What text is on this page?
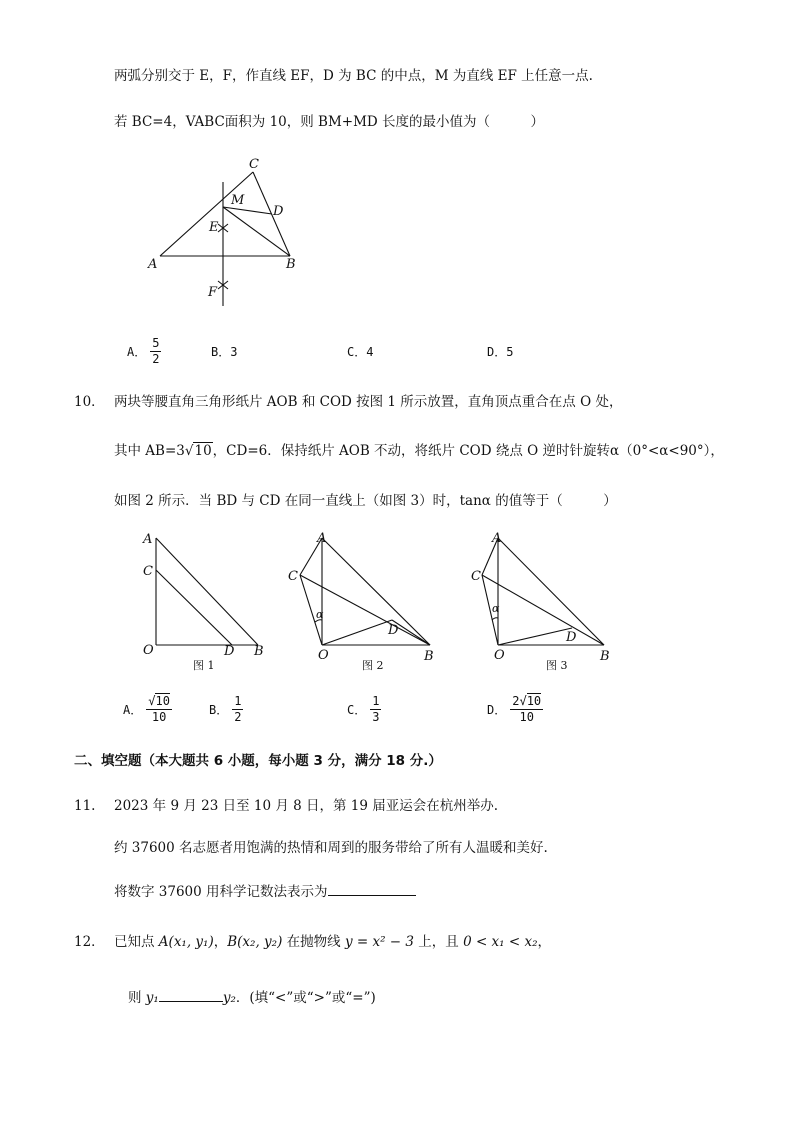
两弧分别交于 E，F，作直线 EF，D 为 BC 的中点，M 为直线 EF 上任意一点.
若 BC=4，VABC面积为 10，则 BM+MD 长度的最小值为（　　　）
A	B
C
D
E
F
M
A． $\frac{5}{2}$	B．3	C．4	D．5
10． 两块等腰直角三角形纸片 AOB 和 COD 按图 1 所示放置，直角顶点重合在点 O 处，
其中 AB=3√10，CD=6．保持纸片 AOB 不动，将纸片 COD 绕点 O 逆时针旋转α（0°<α<90°），
如图 2 所示．当 BD 与 CD 在同一直线上（如图 3）时，tanα 的值等于（　　　）
A
C
O	D B
图 1
A
C
O
D
B
α
图 2
A
C
O
D
B
α
图 3
A． $\frac{√10}{10}$	B． $\frac{1}{2}$	C． $\frac{1}{3}$	D． $\frac{2√10}{10}$
二、填空题（本大题共 6 小题，每小题 3 分，满分 18 分.）
11. 2023 年 9 月 23 日至 10 月 8 日，第 19 届亚运会在杭州举办.
约 37600 名志愿者用饱满的热情和周到的服务带给了所有人温暖和美好.
将数字 37600 用科学记数法表示为
12． 已知点 A(x₁, y₁)，B(x₂, y₂) 在抛物线 y = x² − 3 上，且 0 < x₁ < x₂，
则 y₁	y₂．(填“<”或“>”或“=”)
